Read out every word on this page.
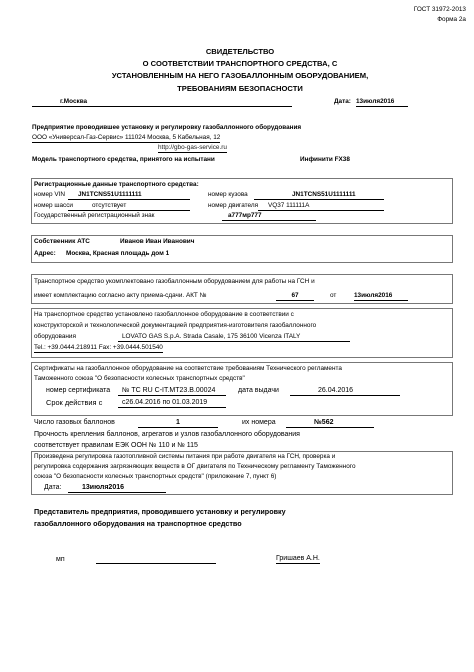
ГОСТ 31972-2013
Форма 2а
СВИДЕТЕЛЬСТВО
О СООТВЕТСТВИИ ТРАНСПОРТНОГО СРЕДСТВА, С
УСТАНОВЛЕННЫМ НА НЕГО ГАЗОБАЛЛОННЫМ ОБОРУДОВАНИЕМ,
ТРЕБОВАНИЯМ БЕЗОПАСНОСТИ
г.Москва	Дата: 13июля2016
Предприятие проводившее установку и регулировку газобаллонного оборудования
ООО «Универсал-Газ-Сервис» 111024 Москва, 5 Кабельная, 12
http://gbo-gas-service.ru
Модель транспортного средства, принятого на испытани	Инфинити FX38
Регистрационные данные транспортного средства:
номер VIN	JN1TCNS51U1111111	номер кузова	JN1TCNS51U1111111
номер шасси	отсутствует	номер двигателя	VQ37 111111A
Государственный регистрационный знак	а777мр777
Собственник АТС	Иванов Иван Иванович
Адрес: Москва, Красная площадь дом 1
Транспортное средство укомплектовано газобаллонным оборудованием для работы на ГСН и
имеет комплектацию согласно акту приема-сдачи. АКТ №	67	от	13июля2016
На транспортное средство установлено газобаллонное оборудование в соответствии с
конструкторской и технологической документацией предприятия-изготовителя газобаллонного
оборудования	LOVATO GAS S.p.A. Strada Casale, 175 36100 Vicenza ITALY
Tel.: +39.0444.218911 Fax: +39.0444.501540
Сертификаты на газобаллонное оборудование на соответствие требованиям Технического регламента
Таможенного союза "О безопасности колесных транспортных средств"
номер сертификата	№ TC RU C-IT.MT23.B.00024	дата выдачи	26.04.2016
Срок действия с	с26.04.2016 по 01.03.2019
Число газовых баллонов	1	их номера	№562
Прочность крепления баллонов, агрегатов и узлов газобаллонного оборудования
соответствует правилам ЕЭК ООН № 110 и № 115
Произведена регулировка газотопливной системы питания при работе двигателя на ГСН, проверка и
регулировка содержания загрязняющих веществ в ОГ двигателя по Техническому регламенту Таможенного
союза "О безопасности колесных транспортных средств" (приложение 7, пункт 6)
Дата:	13июля2016
Представитель предприятия, проводившего установку и регулировку
газобаллонного оборудования на транспортное средство
мп	Гришаев А.Н.
